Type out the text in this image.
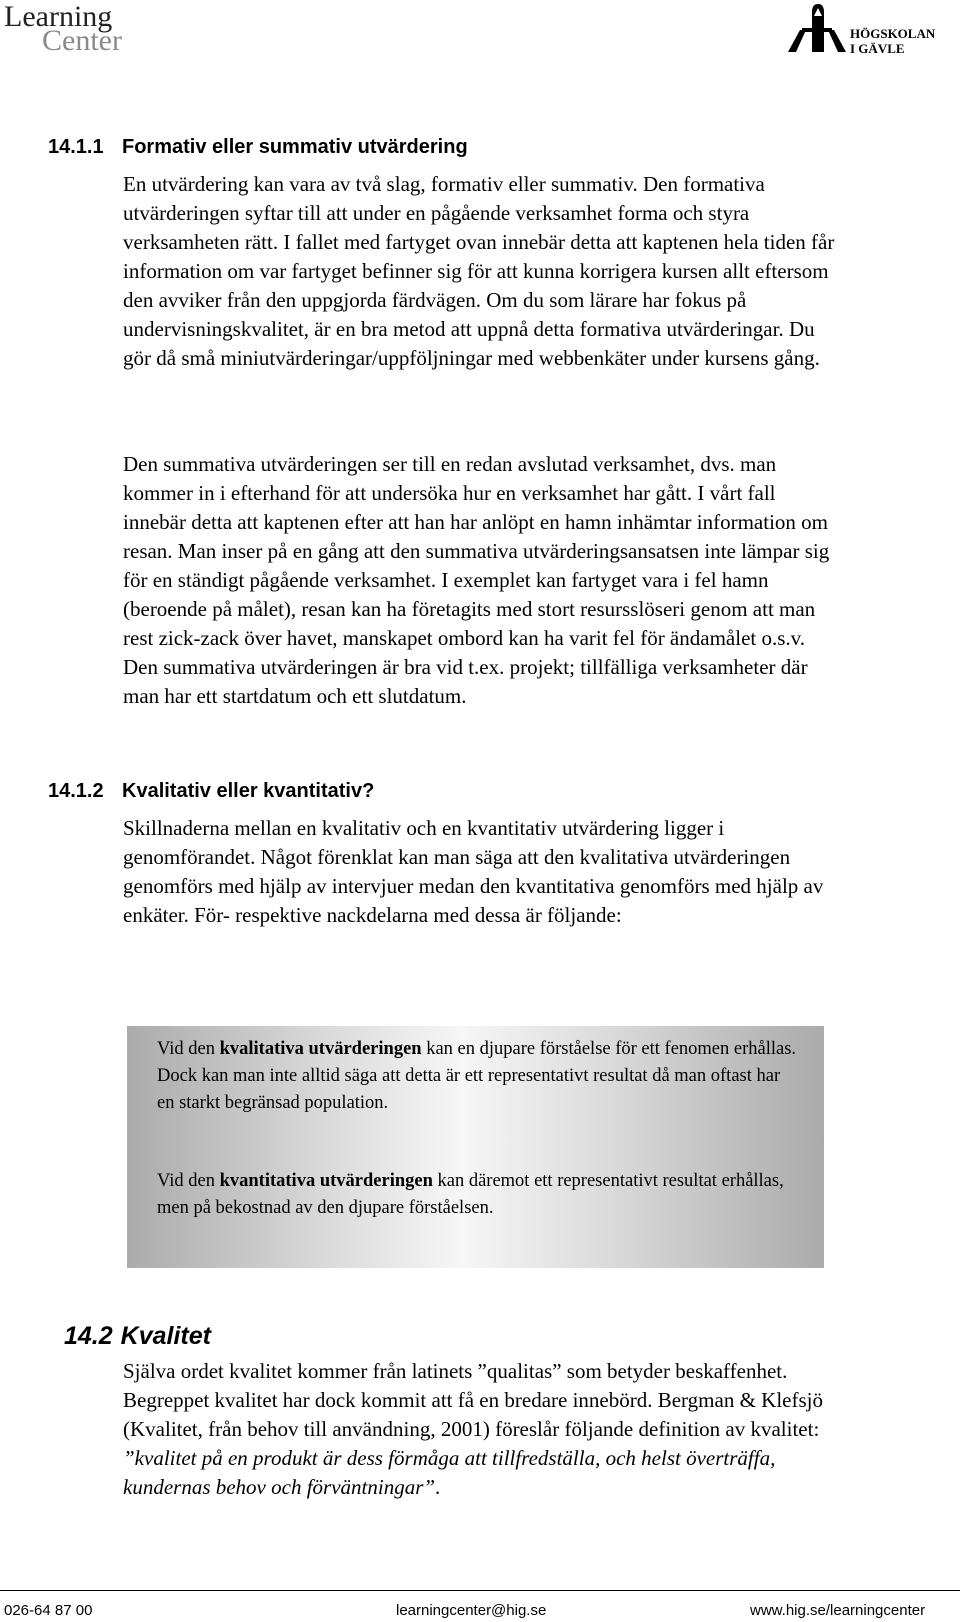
Learning
Center	HÖGSKOLAN
I GÄVLE
14.1.1 Formativ eller summativ utvärdering

En utvärdering kan vara av två slag, formativ eller summativ. Den formativa utvärderingen syftar till att under en pågående verksamhet forma och styra verksamheten rätt. I fallet med fartyget ovan innebär detta att kaptenen hela tiden får information om var fartyget befinner sig för att kunna korrigera kursen allt eftersom den avviker från den uppgjorda färdvägen. Om du som lärare har fokus på undervisningskvalitet, är en bra metod att uppnå detta formativa utvärderingar. Du gör då små miniutvärderingar/uppföljningar med webbenkäter under kursens gång.

Den summativa utvärderingen ser till en redan avslutad verksamhet, dvs. man kommer in i efterhand för att undersöka hur en verksamhet har gått. I vårt fall innebär detta att kaptenen efter att han har anlöpt en hamn inhämtar information om resan. Man inser på en gång att den summativa utvärderingsansatsen inte lämpar sig för en ständigt pågående verksamhet. I exemplet kan fartyget vara i fel hamn (beroende på målet), resan kan ha företagits med stort resursslöseri genom att man rest zick-zack över havet, manskapet ombord kan ha varit fel för ändamålet o.s.v. Den summativa utvärderingen är bra vid t.ex. projekt; tillfälliga verksamheter där man har ett startdatum och ett slutdatum.

14.1.2 Kvalitativ eller kvantitativ?

Skillnaderna mellan en kvalitativ och en kvantitativ utvärdering ligger i genomförandet. Något förenklat kan man säga att den kvalitativa utvärderingen genomförs med hjälp av intervjuer medan den kvantitativa genomförs med hjälp av enkäter. För- respektive nackdelarna med dessa är följande:

Vid den kvalitativa utvärderingen kan en djupare förståelse för ett fenomen erhållas. Dock kan man inte alltid säga att detta är ett representativt resultat då man oftast har en starkt begränsad population.

Vid den kvantitativa utvärderingen kan däremot ett representativt resultat erhållas, men på bekostnad av den djupare förståelsen.

14.2 Kvalitet

Själva ordet kvalitet kommer från latinets ”qualitas” som betyder beskaffenhet. Begreppet kvalitet har dock kommit att få en bredare innebörd. Bergman & Klefsjö (Kvalitet, från behov till användning, 2001) föreslår följande definition av kvalitet: ”kvalitet på en produkt är dess förmåga att tillfredställa, och helst överträffa, kundernas behov och förväntningar”.

026-64 87 00	learningcenter@hig.se	www.hig.se/learningcenter
